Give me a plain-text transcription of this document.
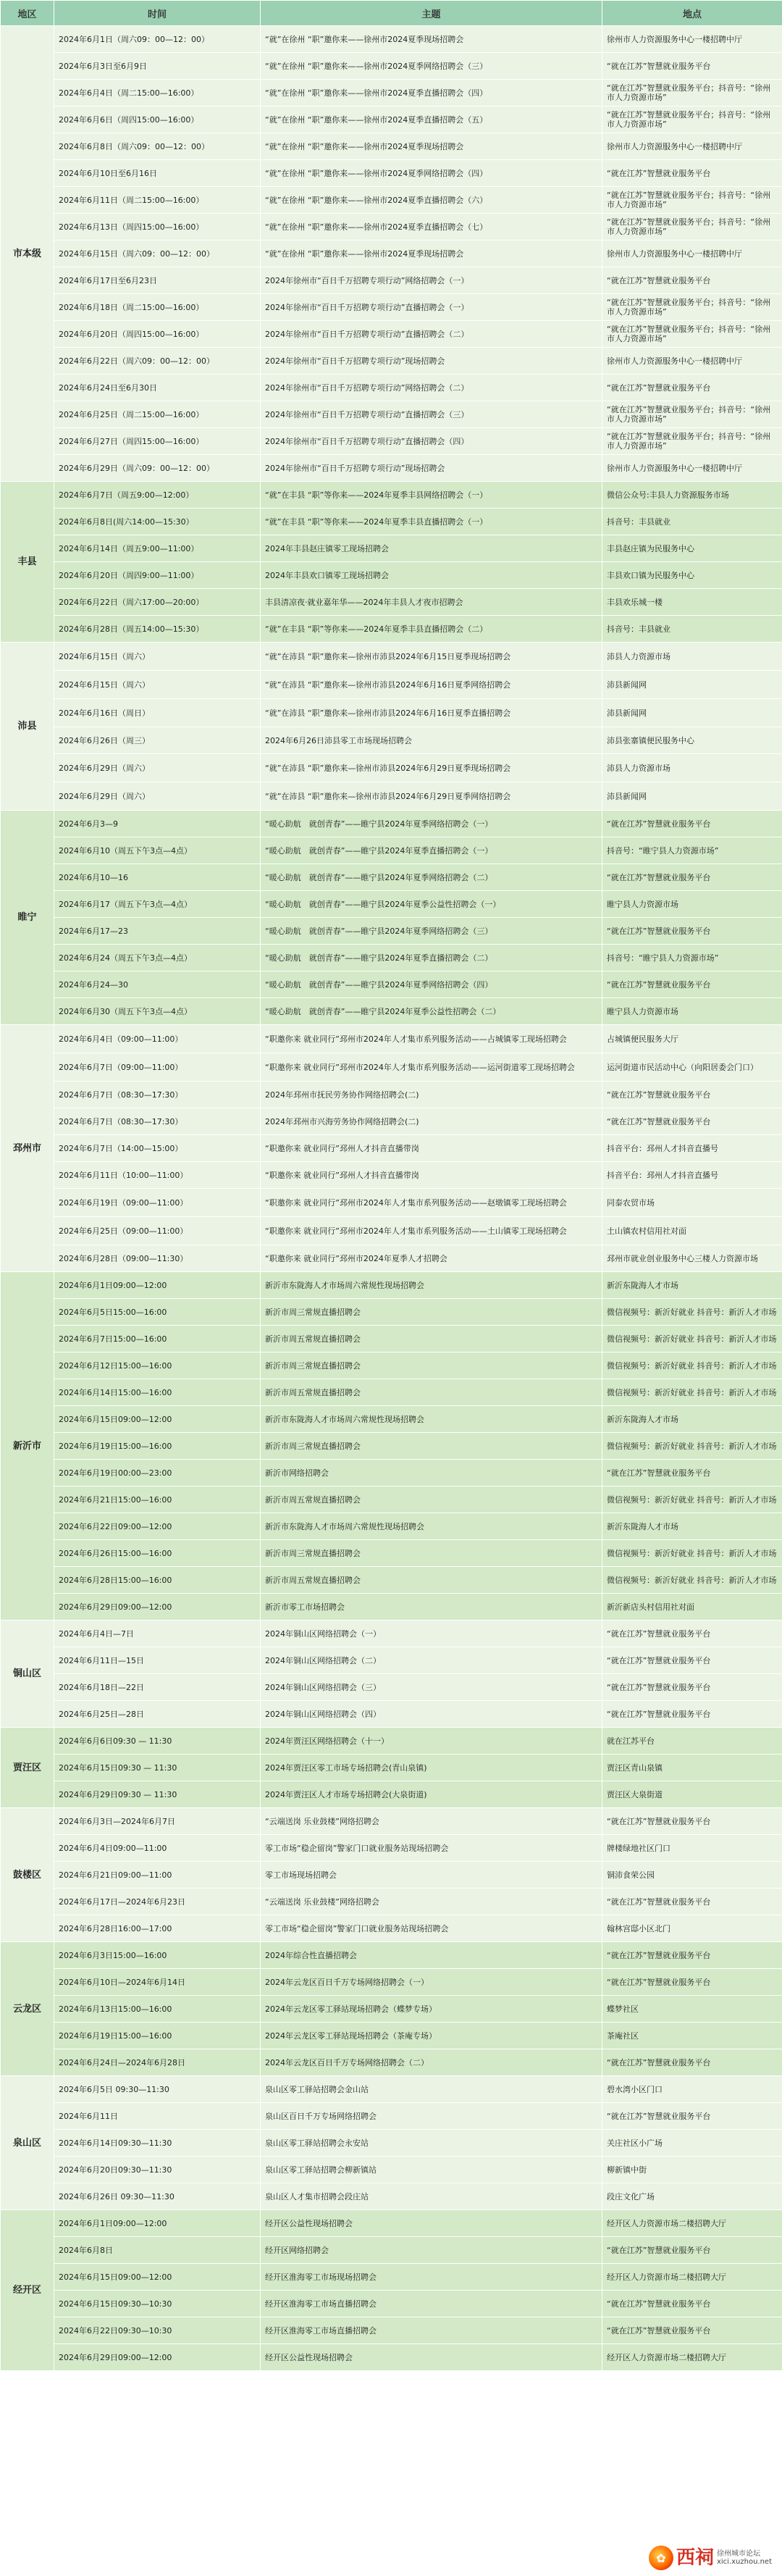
地区	时间	主题	地点
市本级	2024年6月1日（周六09：00—12：00）	“就”在徐州 “职”邀你来——徐州市2024夏季现场招聘会	徐州市人力资源服务中心一楼招聘中厅
	2024年6月3日至6月9日	“就”在徐州 “职”邀你来——徐州市2024夏季网络招聘会（三）	“就在江苏”智慧就业服务平台
	2024年6月4日（周二15:00—16:00）	“就”在徐州 “职”邀你来——徐州市2024夏季直播招聘会（四）	“就在江苏”智慧就业服务平台；抖音号：“徐州市人力资源市场”
	2024年6月6日（周四15:00—16:00）	“就”在徐州 “职”邀你来——徐州市2024夏季直播招聘会（五）	“就在江苏”智慧就业服务平台；抖音号：“徐州市人力资源市场”
	2024年6月8日（周六09：00—12：00）	“就”在徐州 “职”邀你来——徐州市2024夏季现场招聘会	徐州市人力资源服务中心一楼招聘中厅
	2024年6月10日至6月16日	“就”在徐州 “职”邀你来——徐州市2024夏季网络招聘会（四）	“就在江苏”智慧就业服务平台
	2024年6月11日（周二15:00—16:00）	“就”在徐州 “职”邀你来——徐州市2024夏季直播招聘会（六）	“就在江苏”智慧就业服务平台；抖音号：“徐州市人力资源市场”
	2024年6月13日（周四15:00—16:00）	“就”在徐州 “职”邀你来——徐州市2024夏季直播招聘会（七）	“就在江苏”智慧就业服务平台；抖音号：“徐州市人力资源市场”
	2024年6月15日（周六09：00—12：00）	“就”在徐州 “职”邀你来——徐州市2024夏季现场招聘会	徐州市人力资源服务中心一楼招聘中厅
	2024年6月17日至6月23日	2024年徐州市“百日千万招聘专项行动”网络招聘会（一）	“就在江苏”智慧就业服务平台
	2024年6月18日（周二15:00—16:00）	2024年徐州市“百日千万招聘专项行动”直播招聘会（一）	“就在江苏”智慧就业服务平台；抖音号：“徐州市人力资源市场”
	2024年6月20日（周四15:00—16:00）	2024年徐州市“百日千万招聘专项行动”直播招聘会（二）	“就在江苏”智慧就业服务平台；抖音号：“徐州市人力资源市场”
	2024年6月22日（周六09：00—12：00）	2024年徐州市“百日千万招聘专项行动”现场招聘会	徐州市人力资源服务中心一楼招聘中厅
	2024年6月24日至6月30日	2024年徐州市“百日千万招聘专项行动”网络招聘会（二）	“就在江苏”智慧就业服务平台
	2024年6月25日（周二15:00—16:00）	2024年徐州市“百日千万招聘专项行动”直播招聘会（三）	“就在江苏”智慧就业服务平台；抖音号：“徐州市人力资源市场”
	2024年6月27日（周四15:00—16:00）	2024年徐州市“百日千万招聘专项行动”直播招聘会（四）	“就在江苏”智慧就业服务平台；抖音号：“徐州市人力资源市场”
	2024年6月29日（周六09：00—12：00）	2024年徐州市“百日千万招聘专项行动”现场招聘会	徐州市人力资源服务中心一楼招聘中厅
丰县	2024年6月7日（周五9:00—12:00）	“就”在丰县 “职”等你来——2024年夏季丰县网络招聘会（一）	微信公众号:丰县人力资源服务市场
	2024年6月8日(周六14:00—15:30）	“就”在丰县 “职”等你来——2024年夏季丰县直播招聘会（一）	抖音号：丰县就业
	2024年6月14日（周五9:00—11:00）	2024年丰县赵庄镇零工现场招聘会	丰县赵庄镇为民服务中心
	2024年6月20日（周四9:00—11:00）	2024年丰县欢口镇零工现场招聘会	丰县欢口镇为民服务中心
	2024年6月22日（周六17:00—20:00）	丰县清凉夜·就业嘉年华——2024年丰县人才夜市招聘会	丰县欢乐城一楼
	2024年6月28日（周五14:00—15:30）	“就”在丰县 “职”等你来——2024年夏季丰县直播招聘会（二）	抖音号：丰县就业
沛县	2024年6月15日（周六）	“就”在沛县 “职”邀你来—徐州市沛县2024年6月15日夏季现场招聘会	沛县人力资源市场
	2024年6月15日（周六）	“就”在沛县 “职”邀你来—徐州市沛县2024年6月16日夏季网络招聘会	沛县新闻网
	2024年6月16日（周日）	“就”在沛县 “职”邀你来—徐州市沛县2024年6月16日夏季直播招聘会	沛县新闻网
	2024年6月26日（周三）	2024年6月26日沛县零工市场现场招聘会	沛县张寨镇便民服务中心
	2024年6月29日（周六）	“就”在沛县 “职”邀你来—徐州市沛县2024年6月29日夏季现场招聘会	沛县人力资源市场
	2024年6月29日（周六）	“就”在沛县 “职”邀你来—徐州市沛县2024年6月29日夏季网络招聘会	沛县新闻网
睢宁	2024年6月3—9	“暖心助航　就创青春”——睢宁县2024年夏季网络招聘会（一）	“就在江苏”智慧就业服务平台
	2024年6月10（周五下午3点—4点）	“暖心助航　就创青春”——睢宁县2024年夏季直播招聘会（一）	抖音号：“睢宁县人力资源市场”
	2024年6月10—16	“暖心助航　就创青春”——睢宁县2024年夏季网络招聘会（二）	“就在江苏”智慧就业服务平台
	2024年6月17（周五下午3点—4点）	“暖心助航　就创青春”——睢宁县2024年夏季公益性招聘会（一）	睢宁县人力资源市场
	2024年6月17—23	“暖心助航　就创青春”——睢宁县2024年夏季网络招聘会（三）	“就在江苏”智慧就业服务平台
	2024年6月24（周五下午3点—4点）	“暖心助航　就创青春”——睢宁县2024年夏季直播招聘会（二）	抖音号：“睢宁县人力资源市场”
	2024年6月24—30	“暖心助航　就创青春”——睢宁县2024年夏季网络招聘会（四）	“就在江苏”智慧就业服务平台
	2024年6月30（周五下午3点—4点）	“暖心助航　就创青春”——睢宁县2024年夏季公益性招聘会（二）	睢宁县人力资源市场
邳州市	2024年6月4日（09:00—11:00）	“职邀你来 就业同行”邳州市2024年人才集市系列服务活动——占城镇零工现场招聘会	占城镇便民服务大厅
	2024年6月7日（09:00—11:00）	“职邀你来 就业同行”邳州市2024年人才集市系列服务活动——运河街道零工现场招聘会	运河街道市民活动中心（向阳居委会门口）
	2024年6月7日（08:30—17:30）	2024年邳州市抚民劳务协作网络招聘会(二)	“就在江苏”智慧就业服务平台
	2024年6月7日（08:30—17:30）	2024年邳州市兴海劳务协作网络招聘会(二)	“就在江苏”智慧就业服务平台
	2024年6月7日（14:00—15:00）	“职邀你来 就业同行”邳州人才抖音直播带岗	抖音平台：邳州人才抖音直播号
	2024年6月11日（10:00—11:00）	“职邀你来 就业同行”邳州人才抖音直播带岗	抖音平台：邳州人才抖音直播号
	2024年6月19日（09:00—11:00）	“职邀你来 就业同行”邳州市2024年人才集市系列服务活动——赵墩镇零工现场招聘会	同泰农贸市场
	2024年6月25日（09:00—11:00）	“职邀你来 就业同行”邳州市2024年人才集市系列服务活动——土山镇零工现场招聘会	土山镇农村信用社对面
	2024年6月28日（09:00—11:30）	“职邀你来 就业同行”邳州市2024年夏季人才招聘会	邳州市就业创业服务中心三楼人力资源市场
新沂市	2024年6月1日09:00—12:00	新沂市东陇海人才市场周六常规性现场招聘会	新沂东陇海人才市场
	2024年6月5日15:00—16:00	新沂市周三常规直播招聘会	微信视频号：新沂好就业 抖音号：新沂人才市场
	2024年6月7日15:00—16:00	新沂市周五常规直播招聘会	微信视频号：新沂好就业 抖音号：新沂人才市场
	2024年6月12日15:00—16:00	新沂市周三常规直播招聘会	微信视频号：新沂好就业 抖音号：新沂人才市场
	2024年6月14日15:00—16:00	新沂市周五常规直播招聘会	微信视频号：新沂好就业 抖音号：新沂人才市场
	2024年6月15日09:00—12:00	新沂市东陇海人才市场周六常规性现场招聘会	新沂东陇海人才市场
	2024年6月19日15:00—16:00	新沂市周三常规直播招聘会	微信视频号：新沂好就业 抖音号：新沂人才市场
	2024年6月19日00:00—23:00	新沂市网络招聘会	“就在江苏”智慧就业服务平台
	2024年6月21日15:00—16:00	新沂市周五常规直播招聘会	微信视频号：新沂好就业 抖音号：新沂人才市场
	2024年6月22日09:00—12:00	新沂市东陇海人才市场周六常规性现场招聘会	新沂东陇海人才市场
	2024年6月26日15:00—16:00	新沂市周三常规直播招聘会	微信视频号：新沂好就业 抖音号：新沂人才市场
	2024年6月28日15:00—16:00	新沂市周五常规直播招聘会	微信视频号：新沂好就业 抖音号：新沂人才市场
	2024年6月29日09:00—12:00	新沂市零工市场招聘会	新沂新店头村信用社对面
铜山区	2024年6月4日—7日	2024年铜山区网络招聘会（一）	“就在江苏”智慧就业服务平台
	2024年6月11日—15日	2024年铜山区网络招聘会（二）	“就在江苏”智慧就业服务平台
	2024年6月18日—22日	2024年铜山区网络招聘会（三）	“就在江苏”智慧就业服务平台
	2024年6月25日—28日	2024年铜山区网络招聘会（四）	“就在江苏”智慧就业服务平台
贾汪区	2024年6月6日09:30 — 11:30	2024年贾汪区网络招聘会（十一）	就在江苏平台
	2024年6月15日09:30 — 11:30	2024年贾汪区零工市场专场招聘会(青山泉镇)	贾汪区青山泉镇
	2024年6月29日09:30 — 11:30	2024年贾汪区人才市场专场招聘会(大泉街道)	贾汪区大泉街道
鼓楼区	2024年6月3日—2024年6月7日	“云端送岗 乐业鼓楼”网络招聘会	“就在江苏”智慧就业服务平台
	2024年6月4日09:00—11:00	零工市场“稳企留岗”警家门口就业服务站现场招聘会	牌楼绿地社区门口
	2024年6月21日09:00—11:00	零工市场现场招聘会	铜沛食荣公园
	2024年6月17日—2024年6月23日	“云端送岗 乐业鼓楼”网络招聘会	“就在江苏”智慧就业服务平台
	2024年6月28日16:00—17:00	零工市场“稳企留岗”警家门口就业服务站现场招聘会	翰林宫邸小区北门
云龙区	2024年6月3日15:00—16:00	2024年综合性直播招聘会	“就在江苏”智慧就业服务平台
	2024年6月10日—2024年6月14日	2024年云龙区百日千万专场网络招聘会（一）	“就在江苏”智慧就业服务平台
	2024年6月13日15:00—16:00	2024年云龙区零工驿站现场招聘会（蝶梦专场）	蝶梦社区
	2024年6月19日15:00—16:00	2024年云龙区零工驿站现场招聘会（茶庵专场）	茶庵社区
	2024年6月24日—2024年6月28日	2024年云龙区百日千万专场网络招聘会（二）	“就在江苏”智慧就业服务平台
泉山区	2024年6月5日 09:30—11:30	泉山区零工驿站招聘会金山站	碧水湾小区门口
	2024年6月11日	泉山区百日千万专场网络招聘会	“就在江苏”智慧就业服务平台
	2024年6月14日09:30—11:30	泉山区零工驿站招聘会永安站	关庄社区小广场
	2024年6月20日09:30—11:30	泉山区零工驿站招聘会柳新镇站	柳新镇中街
	2024年6月26日 09:30—11:30	泉山区人才集市招聘会段庄站	段庄文化广场
经开区	2024年6月1日09:00—12:00	经开区公益性现场招聘会	经开区人力资源市场二楼招聘大厅
	2024年6月8日	经开区网络招聘会	“就在江苏”智慧就业服务平台
	2024年6月15日09:00—12:00	经开区淮海零工市场现场招聘会	经开区人力资源市场二楼招聘大厅
	2024年6月15日09:30—10:30	经开区淮海零工市场直播招聘会	“就在江苏”智慧就业服务平台
	2024年6月22日09:30—10:30	经开区淮海零工市场直播招聘会	“就在江苏”智慧就业服务平台
	2024年6月29日09:00—12:00	经开区公益性现场招聘会	经开区人力资源市场二楼招聘大厅
✿ 西祠 徐州城市论坛
xici.xuzhou.net
